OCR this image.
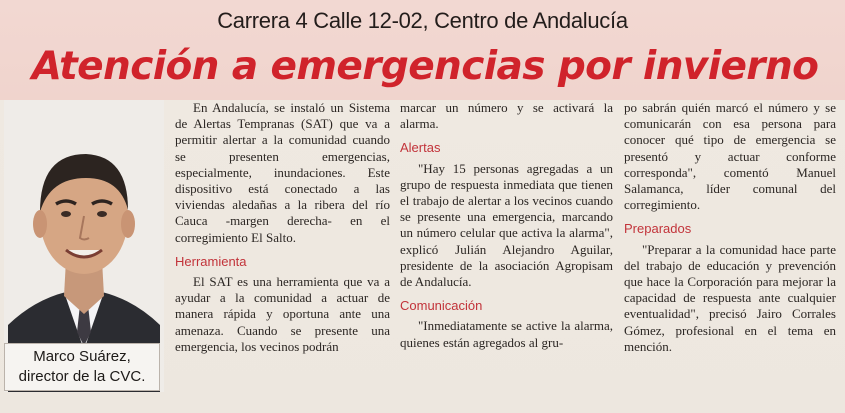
Carrera 4 Calle 12-02, Centro de Andalucía
Atención a emergencias por invierno
Marco Suárez,
director de la CVC.

En Andalucía, se instaló un Sistema de Alertas Tempranas (SAT) que va a permitir alertar a la comunidad cuando se presenten emergencias, especialmente, inundaciones. Este dispositivo está conectado a las viviendas aledañas a la ribera del río Cauca -margen derecha- en el corregimiento El Salto.

Herramienta

El SAT es una herramienta que va a ayudar a la comunidad a actuar de manera rápida y oportuna ante una amenaza. Cuando se presente una emergencia, los vecinos podrán

marcar un número y se activará la alarma.

Alertas

"Hay 15 personas agregadas a un grupo de respuesta inmediata que tienen el trabajo de alertar a los vecinos cuando se presente una emergencia, marcando un número celular que activa la alarma", explicó Julián Alejandro Aguilar, presidente de la asociación Agropisam de Andalucía.

Comunicación

"Inmediatamente se active la alarma, quienes están agregados al gru-

po sabrán quién marcó el número y se comunicarán con esa persona para conocer qué tipo de emergencia se presentó y actuar conforme corresponda", comentó Manuel Salamanca, líder comunal del corregimiento.

Preparados

"Preparar a la comunidad hace parte del trabajo de educación y prevención que hace la Corporación para mejorar la capacidad de respuesta ante cualquier eventualidad", precisó Jairo Corrales Gómez, profesional en el tema en mención.
